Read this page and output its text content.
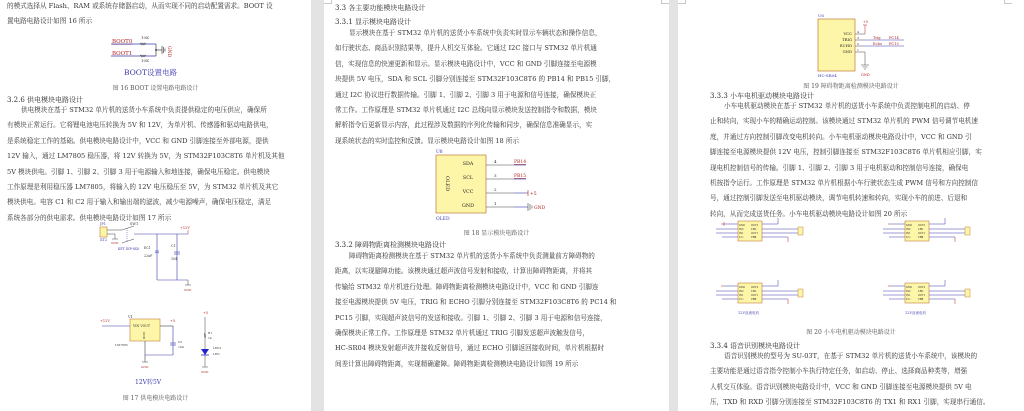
的模式选择从 Flash、RAM 或系统存储器启动，从而实现不同的启动配置需求。BOOT 设
置电路电路设计如图 16 所示
BOOT0
BOOT1
10K
10K
GND
BOOT设置电路
图 16 BOOT 设置电路电路设计
3.2.6 供电模块电路设计
供电模块在基于 STM32 单片机的送货小车系统中负责提供稳定的电压供应，确保所
有模块正常运行。它将锂电池电压转换为 5V 和 12V，为单片机、传感器和驱动电路供电，
是系统稳定工作的基础。供电模块电路设计中，VCC 和 GND 引脚连接至外部电源，提供
12V 输入，通过 LM7805 稳压器，将 12V 转换为 5V，为 STM32F103C8T6 单片机及其他
5V 模块供电。引脚 1、引脚 2、引脚 3 用于电源输入和地连接，确保电压稳定。供电模块
工作原理是利用稳压器 LM7805，将输入的 12V 电压稳压至 5V，为 STM32 单片机及其它
模块供电。电容 C1 和 C2 用于输入和输出端的滤波，减少电源噪声，确保电压稳定，满足
系统各部分的供电需求。供电模块电路设计如图 17 所示
JP1
XT2
GND
SW1
KFT DIP-8X8
+12V
EC1
22uF
C1
104
GND
V1
+12V
VIN VOUT
GND
LM7805
+5
C2
104
GND
+5
R1
1k
LED1
LED
GND
12V转5V
图 17 供电模块电路设计
3.3 各主要功能模块电路设计
3.3.1 显示模块电路设计
显示模块在基于 STM32 单片机的送货小车系统中负责实时显示车辆状态和操作信息，
如行驶状态、商品识别结果等，提升人机交互体验。它通过 I2C 接口与 STM32 单片机通
信，实现信息的快速更新和显示。显示模块电路设计中，VCC 和 GND 引脚连接至电源模
块提供 5V 电压，SDA 和 SCL 引脚分别连接至 STM32F103C8T6 的 PB14 和 PB15 引脚，
通过 I2C 协议进行数据传输。引脚 1、引脚 2、引脚 3 用于电源和信号连接，确保模块正
常工作。工作原理是 STM32 单片机通过 I2C 总线向显示模块发送控制指令和数据，模块
解析指令后更新显示内容，此过程涉及数据的序列化传输和同步，确保信息准确显示，实
现系统状态的实时监控和反馈。显示模块电路设计如图 18 所示
U8
OLED
OLED
SDA
SCL
VCC
GND
4
3
2
1
PB14
PB15
+5
GND
图 18 显示模块电路设计
3.3.2 障碍物距离检测模块电路设计
障碍物距离检测模块在基于 STM32 单片机的送货小车系统中负责测量前方障碍物的
距离，以实现避障功能。该模块通过超声波信号发射和接收，计算出障碍物距离，并将其
传输给 STM32 单片机进行处理。障碍物距离检测模块电路设计中，VCC 和 GND 引脚连
接至电源模块提供 5V 电压，TRIG 和 ECHO 引脚分别连接至 STM32F103C8T6 的 PC14 和
PC15 引脚，实现超声波信号的发送和接收。引脚 1、引脚 2、引脚 3 用于电源和信号连接，
确保模块正常工作。工作原理是 STM32 单片机通过 TRIG 引脚发送超声波触发信号，
HC-SR04 模块发射超声波并接收反射信号，通过 ECHO 引脚返回接收时间，单片机根据时
间差计算出障碍物距离，实现精确避障。障碍物距离检测模块电路设计如图 19 所示
U6
HC-SR04
VCC
TRIG
ECHO
GND
4
3
2
1
+5
Trig
Echo
PC14
PC15
GND
图 19 障碍物距离检测模块电路设计
3.3.3 小车电机驱动模块电路设计
小车电机驱动模块在基于 STM32 单片机的送货小车系统中负责控制电机的启动、停
止和转向，实现小车的精确运动控制。该模块通过 STM32 单片机的 PWM 信号调节电机速
度，并通过方向控制引脚改变电机转向。小车电机驱动模块电路设计中，VCC 和 GND 引
脚连接至电源模块提供 12V 电压，控制引脚连接至 STM32F103C8T6 单片机相应引脚，实
现电机控制信号的传输。引脚 1、引脚 2、引脚 3 用于电机驱动和控制信号连接，确保电
机按指令运行。工作原理是 STM32 单片机根据小车行驶状态生成 PWM 信号和方向控制信
号，通过控制引脚发送至电机驱动模块，调节电机转速和转向，实现小车的前进、后退和
转向，从而完成送货任务。小车电机驱动模块电路设计如图 20 所示
GND
IN2
IN1
Vcc
OUT2
LED
OUT1
VBB
GND
IN2
IN1
Vcc
OUT2
LED
OUT1
VBB
GND
IN2
IN1
Vcc
OUT2
LED
OUT1
VBB
12V直流电机
GND
IN2
IN1
Vcc
OUT2
LED
OUT1
VBB
12V直流电机
图 20 小车电机驱动模块电路设计
3.3.4 语音识别模块电路设计
语音识别模块的型号为 SU-03T，在基于 STM32 单片机的送货小车系统中，该模块的
主要功能是通过语音指令控制小车执行特定任务，如启动、停止、选择商品种类等，增强
人机交互体验。语音识别模块电路设计中，VCC 和 GND 引脚连接至电源模块提供 5V 电
压，TXD 和 RXD 引脚分别连接至 STM32F103C8T6 的 TX1 和 RX1 引脚，实现串行通信。
